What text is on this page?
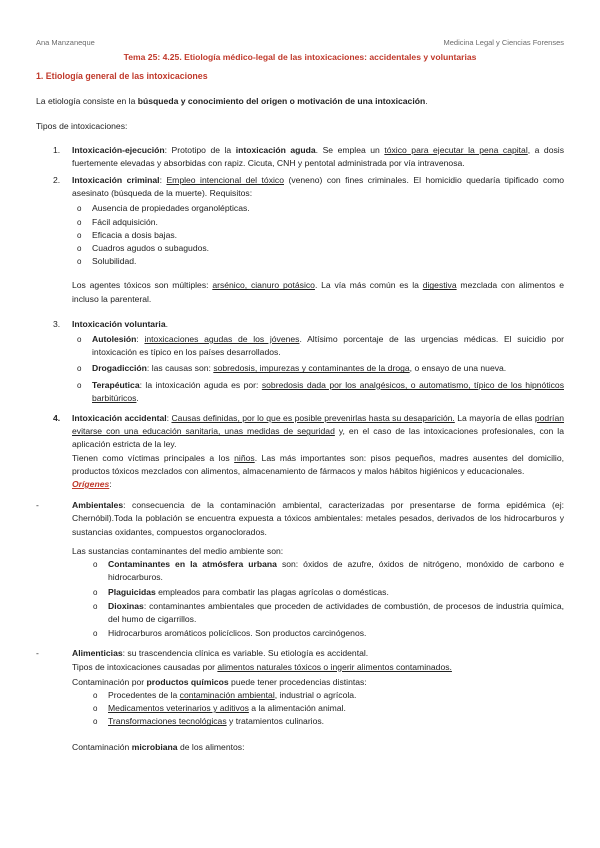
Ana Manzaneque	Medicina Legal y Ciencias Forenses
Tema 25: 4.25. Etiología médico-legal de las intoxicaciones: accidentales y voluntarias

1. Etiología general de las intoxicaciones

La etiología consiste en la búsqueda y conocimiento del origen o motivación de una intoxicación.

Tipos de intoxicaciones:

1. Intoxicación-ejecución: Prototipo de la intoxicación aguda. Se emplea un tóxico para ejecutar la pena capital, a dosis fuertemente elevadas y absorbidas con rapiz. Cicuta, CNH y pentotal administrada por vía intravenosa.
2. Intoxicación criminal: Empleo intencional del tóxico (veneno) con fines criminales. El homicidio quedaría tipificado como asesinato (búsqueda de la muerte). Requisitos:
o Ausencia de propiedades organolépticas.
o Fácil adquisición.
o Eficacia a dosis bajas.
o Cuadros agudos o subagudos.
o Solubilidad.

Los agentes tóxicos son múltiples: arsénico, cianuro potásico. La vía más común es la digestiva mezclada con alimentos e incluso la parenteral.

3. Intoxicación voluntaria.
o Autolesión: intoxicaciones agudas de los jóvenes. Altísimo porcentaje de las urgencias médicas. El suicidio por intoxicación es típico en los países desarrollados.
o Drogadicción: las causas son: sobredosis, impurezas y contaminantes de la droga, o ensayo de una nueva.
o Terapéutica: la intoxicación aguda es por: sobredosis dada por los analgésicos, o automatismo, típico de los hipnóticos barbitúricos.
4. Intoxicación accidental: Causas definidas, por lo que es posible prevenirlas hasta su desaparición. La mayoría de ellas podrían evitarse con una educación sanitaria, unas medidas de seguridad y, en el caso de las intoxicaciones profesionales, con la aplicación estricta de la ley.

Tienen como víctimas principales a los niños. Las más importantes son: pisos pequeños, madres ausentes del domicilio, productos tóxicos mezclados con alimentos, almacenamiento de fármacos y malos hábitos higiénicos y educacionales.

Orígenes:

-	Ambientales: consecuencia de la contaminación ambiental, caracterizadas por presentarse de forma epidémica (ej: Chernóbil).Toda la población se encuentra expuesta a tóxicos ambientales: metales pesados, derivados de los hidrocarburos y sustancias oxidantes, compuestos organoclorados.

Las sustancias contaminantes del medio ambiente son:

o Contaminantes en la atmósfera urbana son: óxidos de azufre, óxidos de nitrógeno, monóxido de carbono e hidrocarburos.
o Plaguicidas empleados para combatir las plagas agrícolas o domésticas.
o Dioxinas: contaminantes ambientales que proceden de actividades de combustión, de procesos de industria química, del humo de cigarrillos.
o Hidrocarburos aromáticos policíclicos. Son productos carcinógenos.
-	Alimenticias: su trascendencia clínica es variable. Su etiología es accidental.

Tipos de intoxicaciones causadas por alimentos naturales tóxicos o ingerir alimentos contaminados.

Contaminación por productos químicos puede tener procedencias distintas:

o Procedentes de la contaminación ambiental, industrial o agrícola.
o Medicamentos veterinarios y aditivos a la alimentación animal.
o Transformaciones tecnológicas y tratamientos culinarios.

Contaminación microbiana de los alimentos:
